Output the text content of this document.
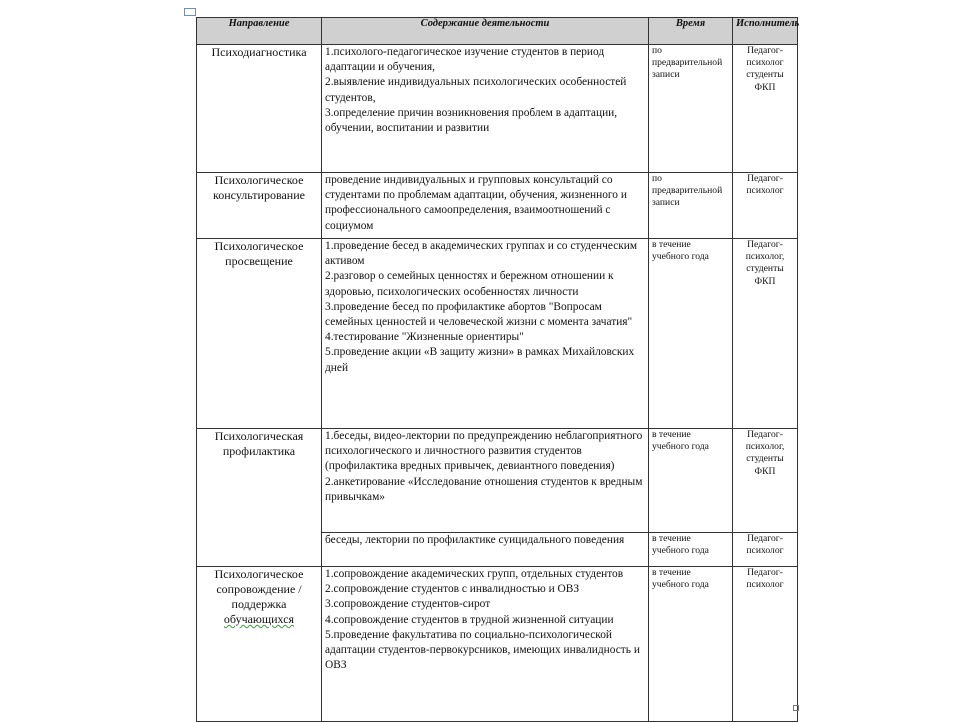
Направление	Содержание деятельности	Время	Исполнитель
Психодиагностика	1.психолого-педагогическое изучение студентов в период адаптации и обучения,
2.выявление индивидуальных психологических особенностей студентов,
3.определение причин возникновения проблем в адаптации, обучении, воспитании и развитии	по предварительной записи	Педагог-психолог студенты ФКП
Психологическое консультирование	проведение индивидуальных и групповых консультаций со студентами по проблемам адаптации, обучения, жизненного и профессионального самоопределения, взаимоотношений с социумом	по предварительной записи	Педагог-психолог
Психологическое просвещение	1.проведение бесед в академических группах и со студенческим активом
2.разговор о семейных ценностях и бережном отношении к здоровью, психологических особенностях личности
3.проведение бесед по профилактике абортов "Вопросам семейных ценностей и человеческой жизни с момента зачатия"
4.тестирование "Жизненные ориентиры"
5.проведение акции «В защиту жизни» в рамках Михайловских дней	в течение учебного года	Педагог-психолог, студенты ФКП
Психологическая профилактика	1.беседы, видео-лектории по предупреждению неблагоприятного психологического и личностного развития студентов (профилактика вредных привычек, девиантного поведения)
2.анкетирование «Исследование отношения студентов к вредным привычкам»	в течение учебного года	Педагог-психолог, студенты ФКП

	беседы, лектории по профилактике суицидального поведения	в течение учебного года	Педагог-психолог

Психологическое сопровождение / поддержка
обучающихся	1.сопровождение академических групп, отдельных студентов
2.сопровождение студентов с инвалидностью и ОВЗ
3.сопровождение студентов-сирот
4.сопровождение студентов в трудной жизненной ситуации
5.проведение факультатива по социально-психологической адаптации студентов-первокурсников, имеющих инвалидность и ОВЗ	в течение учебного года	Педагог-психолог
